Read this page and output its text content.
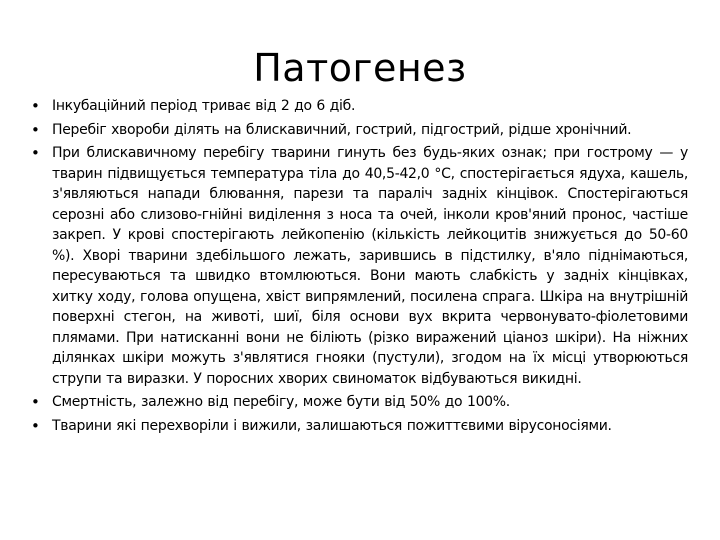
Патогенез
• Інкубаційний період триває від 2 до 6 діб.
• Перебіг хвороби ділять на блискавичний, гострий, підгострий, рідше хронічний.
• При блискавичному перебігу тварини гинуть без будь-яких ознак; при гострому — у тварин підвищується температура тіла до 40,5-42,0 °С, спостерігається ядуха, кашель, з'являються напади блювання, парези та параліч задніх кінцівок. Спостерігаються серозні або слизово-гнійні виділення з носа та очей, інколи кров'яний пронос, частіше закреп. У крові спостерігають лейкопенію (кількість лейкоцитів знижується до 50-60 %). Хворі тварини здебільшого лежать, зарившись в підстилку, в'яло піднімаються, пересуваються та швидко втомлюються. Вони мають слабкість у задніх кінцівках, хитку ходу, голова опущена, хвіст випрямлений, посилена спрага. Шкіра на внутрішній поверхні стегон, на животі, шиї, біля основи вух вкрита червонувато-фіолетовими плямами. При натисканні вони не біліють (різко виражений ціаноз шкіри). На ніжних ділянках шкіри можуть з'являтися гнояки (пустули), згодом на їх місці утворюються струпи та виразки. У поросних хворих свиноматок відбуваються викидні.
• Смертність, залежно від перебігу, може бути від 50% до 100%.
• Тварини які перехворіли і вижили, залишаються пожиттєвими вірусоносіями.
